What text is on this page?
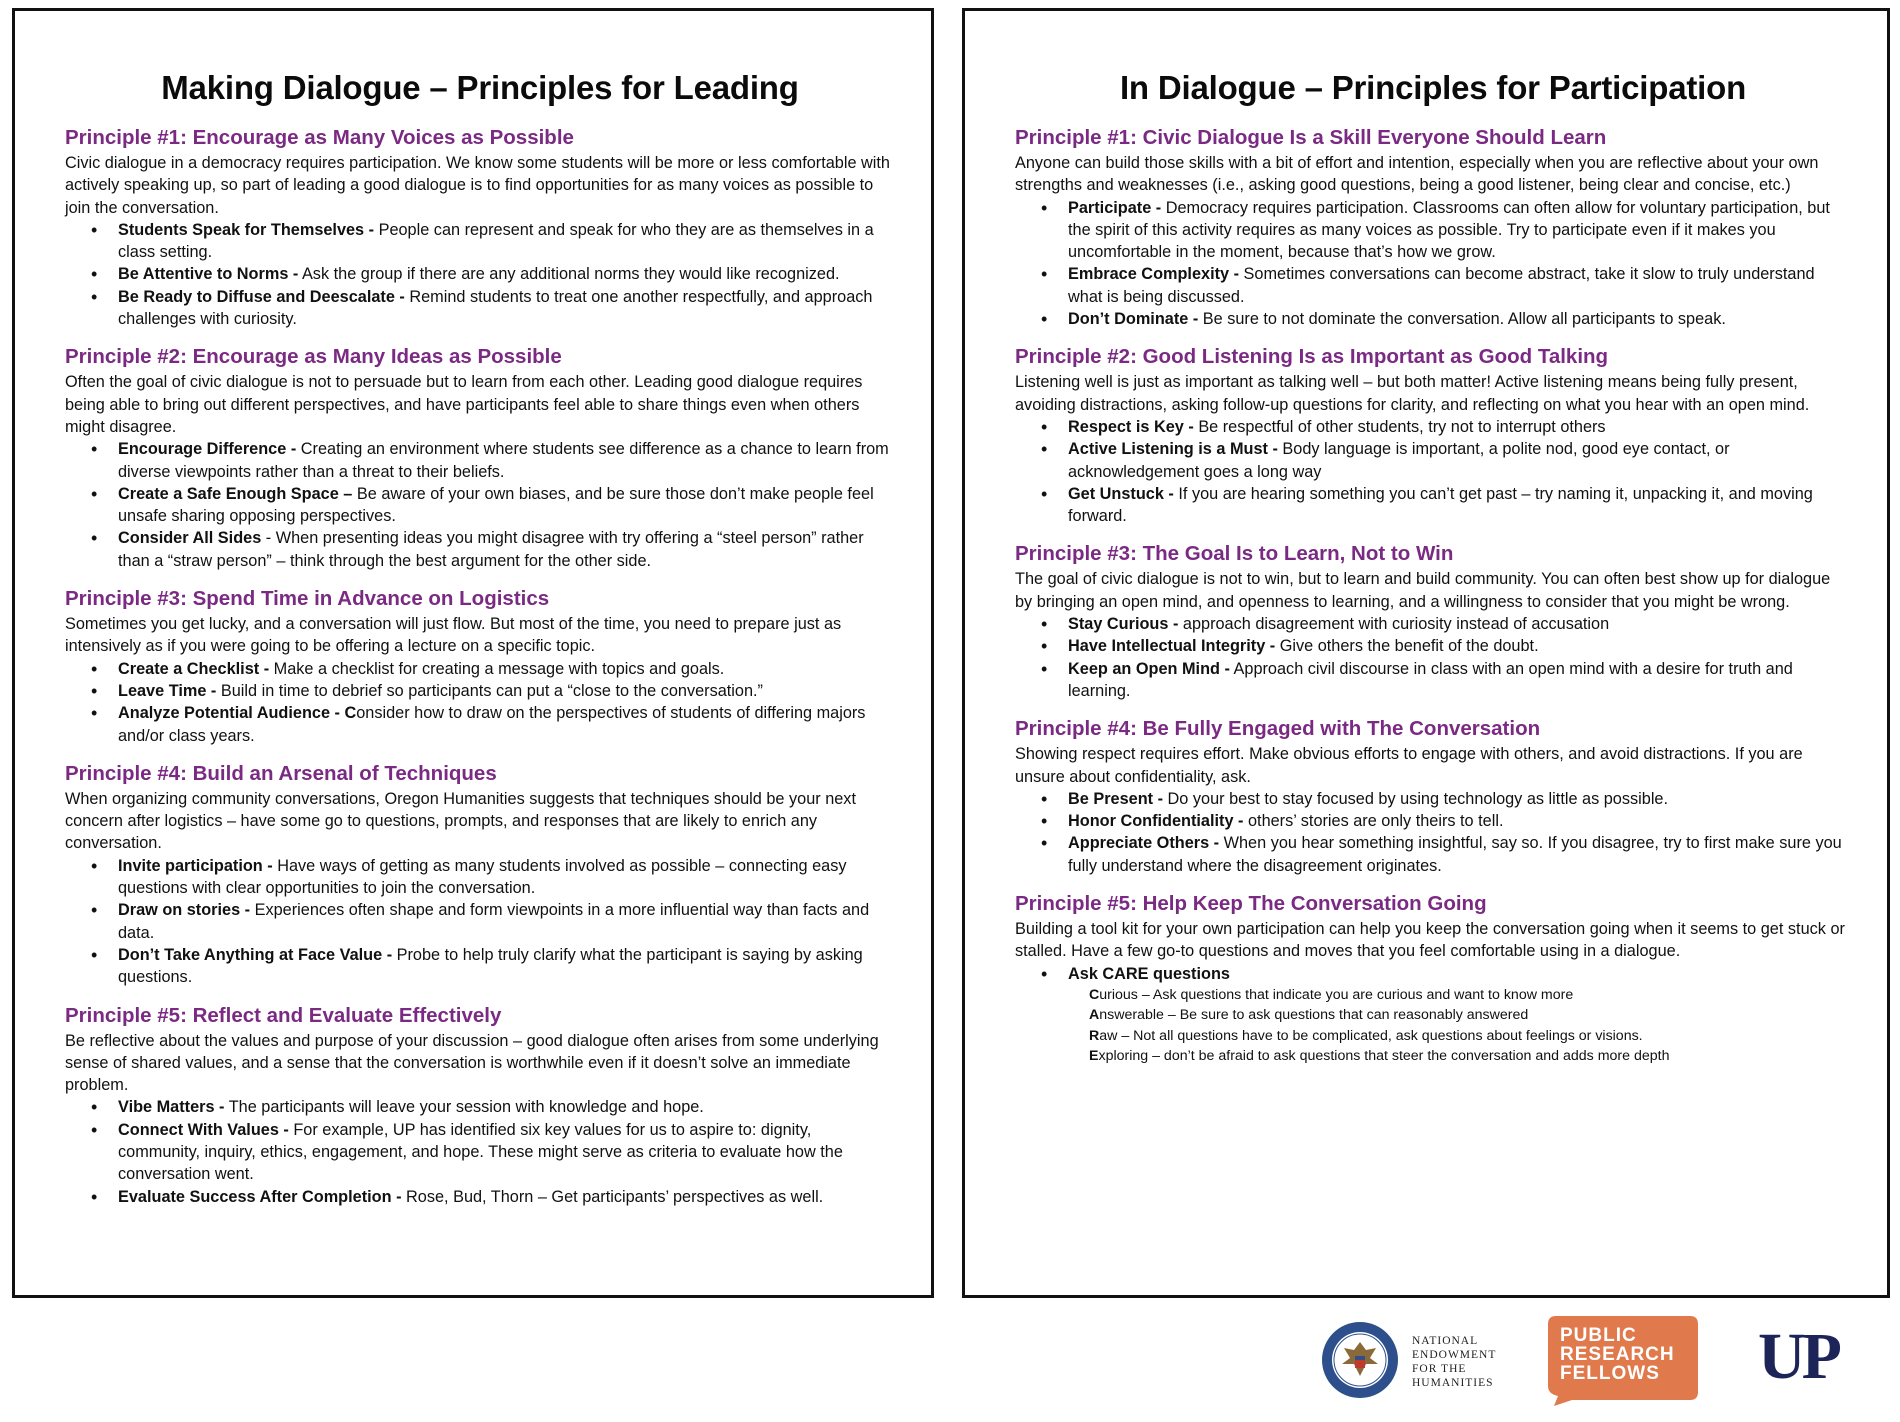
Making Dialogue – Principles for Leading
Principle #1: Encourage as Many Voices as Possible

Civic dialogue in a democracy requires participation. We know some students will be more or less comfortable with actively speaking up, so part of leading a good dialogue is to find opportunities for as many voices as possible to join the conversation.

• Students Speak for Themselves - People can represent and speak for who they are as themselves in a class setting.
• Be Attentive to Norms - Ask the group if there are any additional norms they would like recognized.
• Be Ready to Diffuse and Deescalate - Remind students to treat one another respectfully, and approach challenges with curiosity.
Principle #2: Encourage as Many Ideas as Possible

Often the goal of civic dialogue is not to persuade but to learn from each other. Leading good dialogue requires being able to bring out different perspectives, and have participants feel able to share things even when others might disagree.

• Encourage Difference - Creating an environment where students see difference as a chance to learn from diverse viewpoints rather than a threat to their beliefs.
• Create a Safe Enough Space – Be aware of your own biases, and be sure those don’t make people feel unsafe sharing opposing perspectives.
• Consider All Sides - When presenting ideas you might disagree with try offering a “steel person” rather than a “straw person” – think through the best argument for the other side.
Principle #3: Spend Time in Advance on Logistics

Sometimes you get lucky, and a conversation will just flow. But most of the time, you need to prepare just as intensively as if you were going to be offering a lecture on a specific topic.

• Create a Checklist - Make a checklist for creating a message with topics and goals.
• Leave Time - Build in time to debrief so participants can put a “close to the conversation.”
• Analyze Potential Audience - Consider how to draw on the perspectives of students of differing majors and/or class years.
Principle #4: Build an Arsenal of Techniques

When organizing community conversations, Oregon Humanities suggests that techniques should be your next concern after logistics – have some go to questions, prompts, and responses that are likely to enrich any conversation.

• Invite participation - Have ways of getting as many students involved as possible – connecting easy questions with clear opportunities to join the conversation.
• Draw on stories - Experiences often shape and form viewpoints in a more influential way than facts and data.
• Don’t Take Anything at Face Value - Probe to help truly clarify what the participant is saying by asking questions.
Principle #5: Reflect and Evaluate Effectively

Be reflective about the values and purpose of your discussion – good dialogue often arises from some underlying sense of shared values, and a sense that the conversation is worthwhile even if it doesn’t solve an immediate problem.

• Vibe Matters - The participants will leave your session with knowledge and hope.
• Connect With Values - For example, UP has identified six key values for us to aspire to: dignity, community, inquiry, ethics, engagement, and hope. These might serve as criteria to evaluate how the conversation went.
• Evaluate Success After Completion - Rose, Bud, Thorn – Get participants’ perspectives as well.
In Dialogue – Principles for Participation
Principle #1: Civic Dialogue Is a Skill Everyone Should Learn

Anyone can build those skills with a bit of effort and intention, especially when you are reflective about your own strengths and weaknesses (i.e., asking good questions, being a good listener, being clear and concise, etc.)

• Participate - Democracy requires participation. Classrooms can often allow for voluntary participation, but the spirit of this activity requires as many voices as possible. Try to participate even if it makes you uncomfortable in the moment, because that’s how we grow.
• Embrace Complexity - Sometimes conversations can become abstract, take it slow to truly understand what is being discussed.
• Don’t Dominate - Be sure to not dominate the conversation. Allow all participants to speak.
Principle #2: Good Listening Is as Important as Good Talking

Listening well is just as important as talking well – but both matter! Active listening means being fully present, avoiding distractions, asking follow-up questions for clarity, and reflecting on what you hear with an open mind.

• Respect is Key - Be respectful of other students, try not to interrupt others
• Active Listening is a Must - Body language is important, a polite nod, good eye contact, or acknowledgement goes a long way
• Get Unstuck - If you are hearing something you can’t get past – try naming it, unpacking it, and moving forward.
Principle #3: The Goal Is to Learn, Not to Win

The goal of civic dialogue is not to win, but to learn and build community. You can often best show up for dialogue by bringing an open mind, and openness to learning, and a willingness to consider that you might be wrong.

• Stay Curious - approach disagreement with curiosity instead of accusation
• Have Intellectual Integrity - Give others the benefit of the doubt.
• Keep an Open Mind - Approach civil discourse in class with an open mind with a desire for truth and learning.
Principle #4: Be Fully Engaged with The Conversation

Showing respect requires effort. Make obvious efforts to engage with others, and avoid distractions. If you are unsure about confidentiality, ask.

• Be Present - Do your best to stay focused by using technology as little as possible.
• Honor Confidentiality - others’ stories are only theirs to tell.
• Appreciate Others - When you hear something insightful, say so. If you disagree, try to first make sure you fully understand where the disagreement originates.
Principle #5: Help Keep The Conversation Going

Building a tool kit for your own participation can help you keep the conversation going when it seems to get stuck or stalled. Have a few go-to questions and moves that you feel comfortable using in a dialogue.

• Ask CARE questions
Curious – Ask questions that indicate you are curious and want to know more
Answerable – Be sure to ask questions that can reasonably answered
Raw – Not all questions have to be complicated, ask questions about feelings or visions.
Exploring – don’t be afraid to ask questions that steer the conversation and adds more depth
NATIONAL ENDOWMENT FOR THE HUMANITIES
PUBLIC RESEARCH FELLOWS	UP
